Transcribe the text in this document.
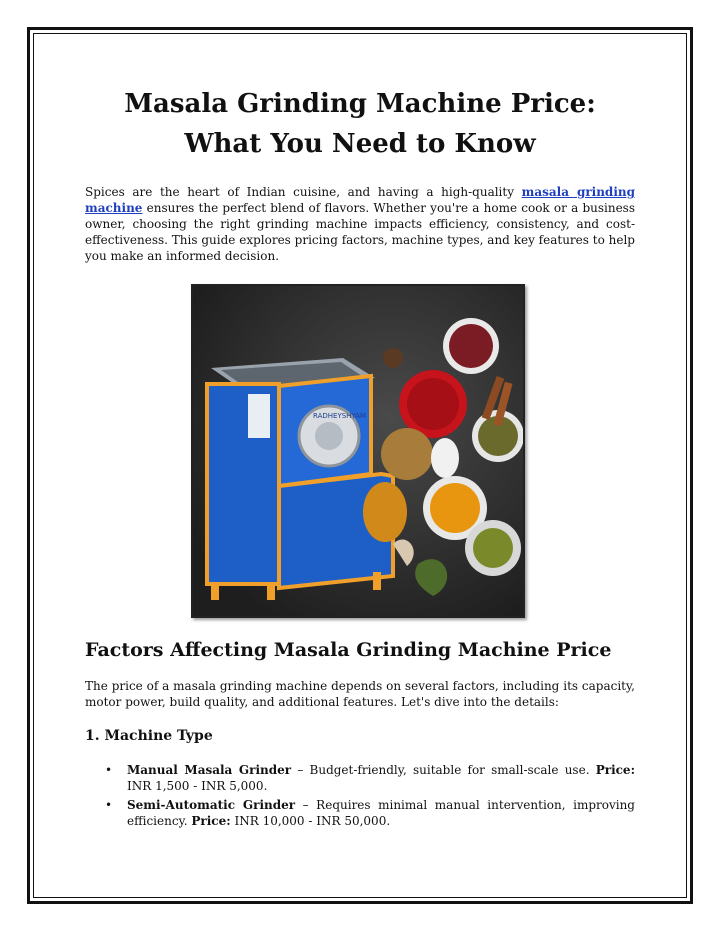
Masala Grinding Machine Price: What You Need to Know

Spices are the heart of Indian cuisine, and having a high-quality masala grinding machine ensures the perfect blend of flavors. Whether you're a home cook or a business owner, choosing the right grinding machine impacts efficiency, consistency, and cost-effectiveness. This guide explores pricing factors, machine types, and key features to help you make an informed decision.

RADHEYSHYAM
Factors Affecting Masala Grinding Machine Price

The price of a masala grinding machine depends on several factors, including its capacity, motor power, build quality, and additional features. Let's dive into the details:

1. Machine Type
• Manual Masala Grinder – Budget-friendly, suitable for small-scale use. Price: INR 1,500 - INR 5,000.
• Semi-Automatic Grinder – Requires minimal manual intervention, improving efficiency. Price: INR 10,000 - INR 50,000.
